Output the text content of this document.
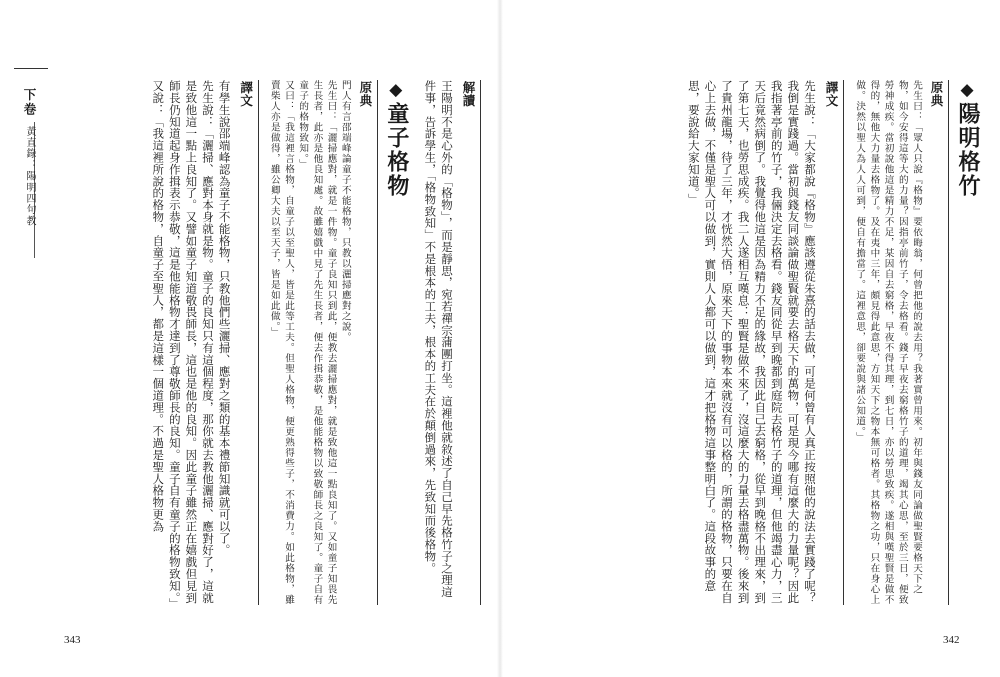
下卷
黃直錄：陽明四句教
解讀

王陽明不是心外的「格物」，而是靜思，宛若禪宗蒲團打坐。這裡他就敘述了自己早先格竹子之理這件事，告訴學生，「格物致知」不是根本的工夫，根本的工夫在於顛倒過來，先致知而後格物。

◆童子格物
原典

門人有言邵端峰論童子不能格物，只教以灑掃應對之說。

先生曰：「灑掃應對，就是一件物。童子良知只到此，便教去灑掃應對，就是致他這一點良知了。又如童子知畏先生長者，此亦是他良知處。故雖嬉戲中見了先生長者，便去作揖恭敬，是他能格物以致敬師長之良知了。童子自有童子的格物致知。」

又曰：「我這裡言格物，自童子以至聖人，皆是此等工夫。但聖人格物，便更熟得些子，不消費力。如此格物，雖賣柴人亦是做得，雖公卿大夫以至天子，皆是如此做。」

譯文

有學生說邵端峰認為童子不能格物，只教他們些灑掃、應對之類的基本禮節知識就可以了。

先生說：「灑掃、應對本身就是物。童子的良知只有這個程度，那你就去教他灑掃、應對好了，這就是致他這一點上良知了。又譬如童子知道敬畏師長，這也是他的良知。因此童子雖然正在嬉戲但見到師長仍知道起身作揖表示恭敬，這是他能格物才達到了尊敬師長的良知。童子自有童子的格物致知。」又說：「我這裡所說的格物，自童子至聖人，都是這樣一個道理。不過是聖人格物更為

343
◆陽明格竹
原典

先生曰：「眾人只說『格物』要依晦翁，何曾把他的說去用？我著實曾用來。初年與錢友同論做聖賢要格天下之物，如今安得這等大的力量？因指亭前竹子，令去格看。錢子早夜去窮格竹子的道理，竭其心思，至於三日，便致勞神成疾。當初說他這是精力不足，某因自去窮格，早夜不得其理，到七日，亦以勞思致疾。遂相與嘆聖賢是做不得的，無他大力量去格物了。及在夷中三年，頗見得此意思，方知天下之物本無可格者。其格物之功，只在身心上做。決然以聖人為人人可到，便自有擔當了。這裡意思，卻要說與諸公知道。」

譯文

先生說：「大家都說『格物』應該遵從朱熹的話去做，可是何曾有人真正按照他的說法去實踐了呢？我倒是實踐過。當初與錢友同談論做聖賢就要去格天下的萬物，可是現今哪有這麼大的力量呢？因此我指著亭前的竹子，我倆決定去格看。錢友同從早到晚都到庭院去格竹子的道理，但他竭盡心力，三天后竟然病倒了。我覺得他這是因為精力不足的緣故，我因此自己去窮格，從早到晚格不出理來，到了第七天，也勞思成疾。我二人遂相互嘆息：聖賢是做不來了，沒這麼大的力量去格盡萬物。後來到了貴州龍場，待了三年，才恍然大悟，原來天下的事物本來就沒有可以格的，所謂的格物，只要在自心上去做，不僅是聖人可以做到，實則人人都可以做到，這才把格物這事整明白了。這段故事的意思，要說給大家知道。」

342
